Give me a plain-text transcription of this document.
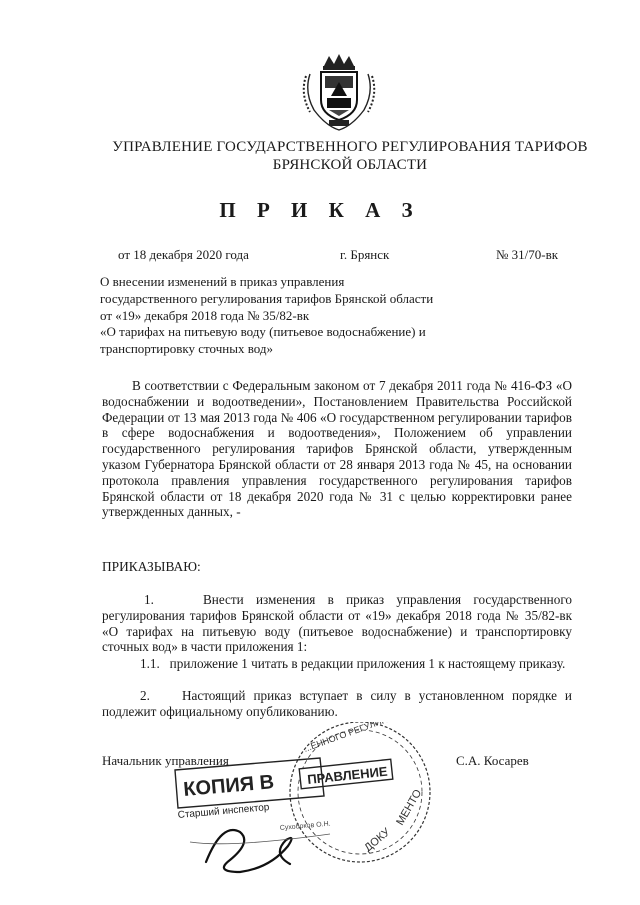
УПРАВЛЕНИЕ ГОСУДАРСТВЕННОГО РЕГУЛИРОВАНИЯ ТАРИФОВ
БРЯНСКОЙ ОБЛАСТИ
П Р И К А З
от 18 декабря 2020 года	г. Брянск	№ 31/70-вк
О внесении изменений в приказ управления
государственного регулирования тарифов Брянской области
от «19» декабря 2018 года № 35/82-вк
«О тарифах на питьевую воду (питьевое водоснабжение) и
транспортировку сточных вод»
В соответствии с Федеральным законом от 7 декабря 2011 года № 416-ФЗ «О водоснабжении и водоотведении», Постановлением Правительства Российской Федерации от 13 мая 2013 года № 406 «О государственном регулировании тарифов в сфере водоснабжения и водоотведения», Положением об управлении государственного регулирования тарифов Брянской области, утвержденным указом Губернатора Брянской области от 28 января 2013 года № 45, на основании протокола правления управления государственного регулирования тарифов Брянской области от 18 декабря 2020 года № 31 с целью корректировки ранее утвержденных данных, -
ПРИКАЗЫВАЮ:
1.    Внести изменения в приказ управления государственного регулирования тарифов Брянской области от «19» декабря 2018 года № 35/82-вк «О тарифах на питьевую воду (питьевое водоснабжение) и транспортировку сточных вод» в части приложения 1:
1.1.   приложение 1 читать в редакции приложения 1 к настоящему приказу.
2.    Настоящий приказ вступает в силу в установленном порядке и подлежит официальному опубликованию.
Начальник управления	С.А. Косарев
...ЕННОГО РЕГУЛИР...
ПРАВЛЕНИЕ
ДОКУ
МЕНТО
КОПИЯ В
Старший инспектор
Сухобоков О.Н.
